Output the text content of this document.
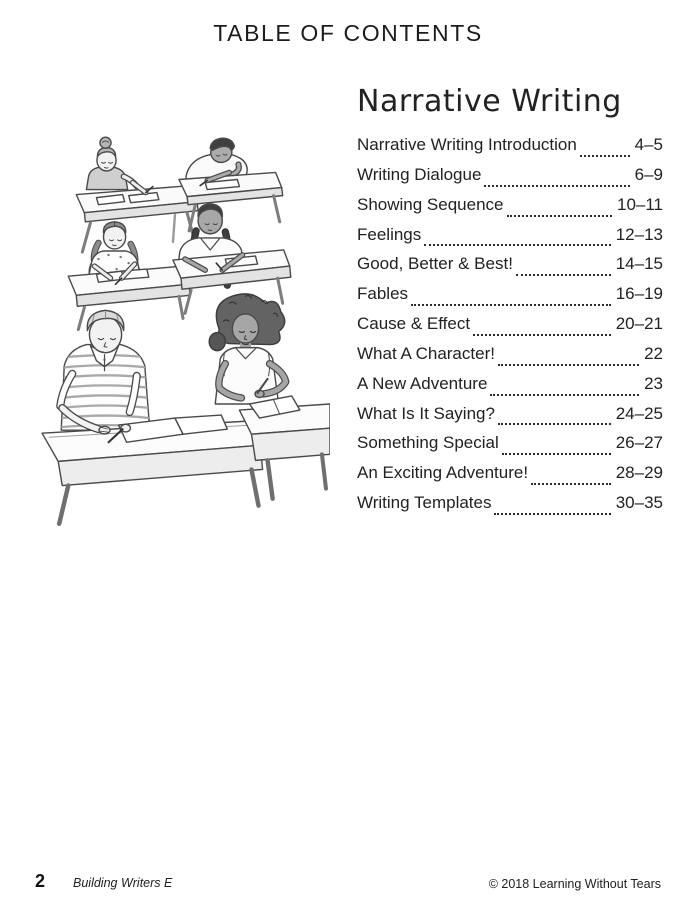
TABLE OF CONTENTS
Narrative Writing
Narrative Writing Introduction	4–5
Writing Dialogue	6–9
Showing Sequence	10–11
Feelings	12–13
Good, Better & Best!	14–15
Fables	16–19
Cause & Effect	20–21
What A Character!	22
A New Adventure	23
What Is It Saying?	24–25
Something Special	26–27
An Exciting Adventure!	28–29
Writing Templates	30–35
2 Building Writers E	© 2018 Learning Without Tears
